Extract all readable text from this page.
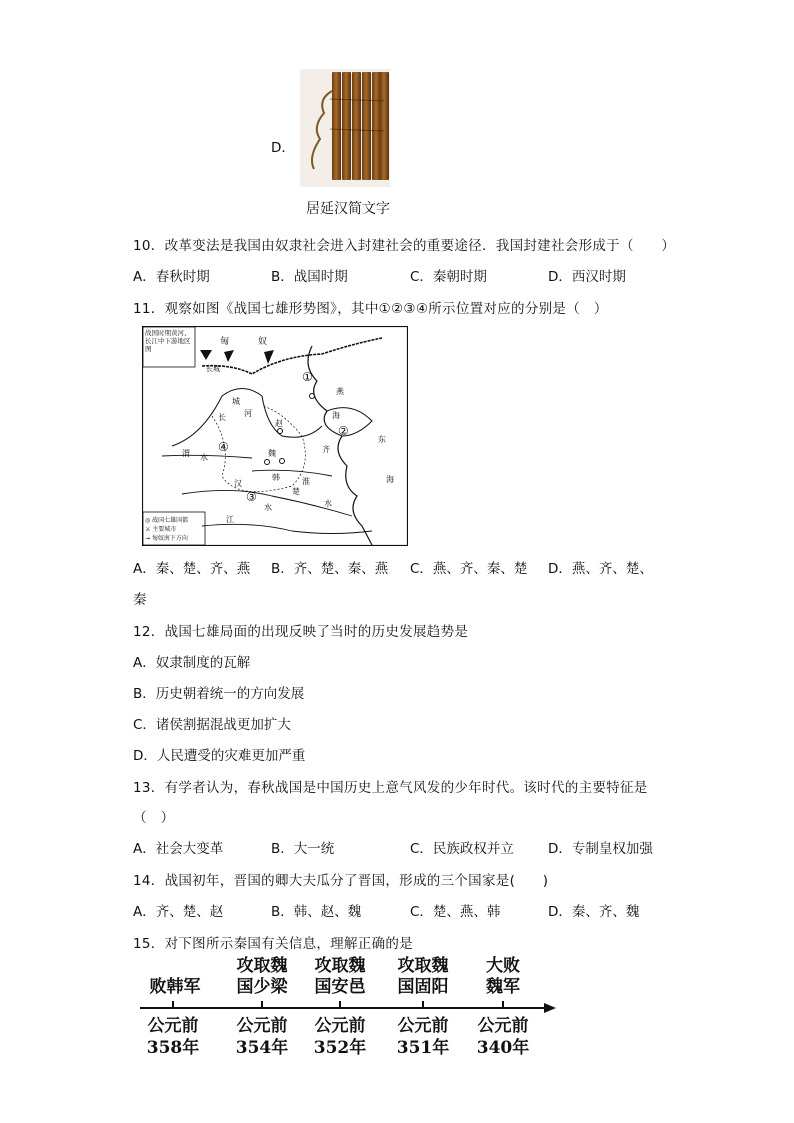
D．
居延汉简文字
10．改革变法是我国由奴隶社会进入封建社会的重要途径．我国封建社会形成于（　　）
A．春秋时期	B．战国时期	C．秦朝时期	D．西汉时期
11．观察如图《战国七雄形势图》，其中①②③④所示位置对应的分别是（　）
战国时期黄河、长江中下游地区图
◎ 战国七雄国都
⚔ 主要城市
→ 匈奴南下方向
匈	奴
长城
城
河
赵
魏
韩
燕
海
齐
楚
东
海
长
江
渭 水
汉
水
淮
水
①
②
③
④
A．秦、楚、齐、燕 B．齐、楚、秦、燕 C．燕、齐、秦、楚 D．燕、齐、楚、
秦
12．战国七雄局面的出现反映了当时的历史发展趋势是
A．奴隶制度的瓦解
B．历史朝着统一的方向发展
C．诸侯割据混战更加扩大
D．人民遭受的灾难更加严重
13．有学者认为，春秋战国是中国历史上意气风发的少年时代。该时代的主要特征是
（　）
A．社会大变革	B．大一统	C．民族政权并立	D．专制皇权加强
14．战国初年，晋国的卿大夫瓜分了晋国，形成的三个国家是(　　)
A．齐、楚、赵	B．韩、赵、魏	C．楚、燕、韩	D．秦、齐、魏
15．对下图所示秦国有关信息，理解正确的是
败韩军
攻取魏
国少梁
攻取魏
国安邑
攻取魏
国固阳
大败
魏军
公元前
358年
公元前
354年
公元前
352年
公元前
351年
公元前
340年
